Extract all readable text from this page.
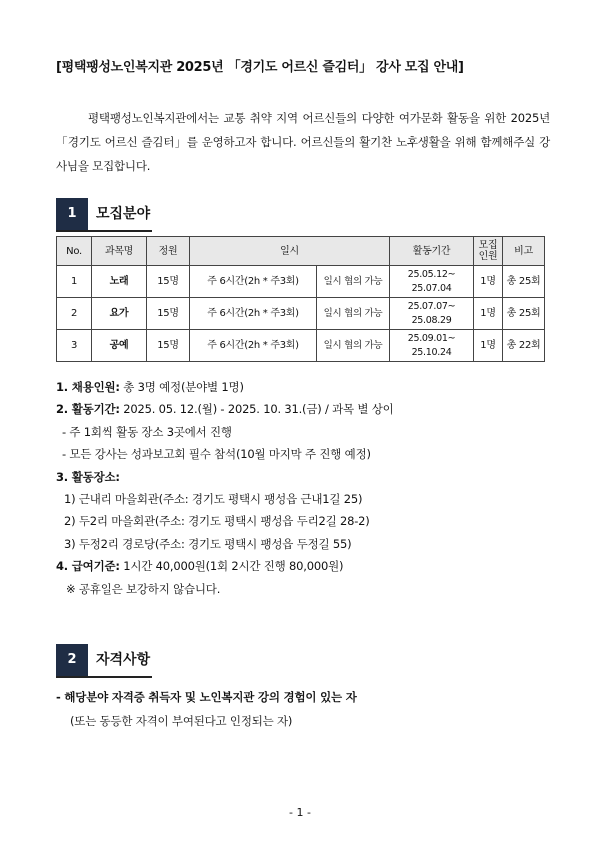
[평택팽성노인복지관 2025년 「경기도 어르신 즐김터」 강사 모집 안내]
평택팽성노인복지관에서는 교통 취약 지역 어르신들의 다양한 여가문화 활동을 위한 2025년「경기도 어르신 즐김터」를 운영하고자 합니다. 어르신들의 활기찬 노후생활을 위해 함께해주실 강사님을 모집합니다.
1	모집분야
No.	과목명	정원	일시		활동기간	모집인원	비고
1	노래	15명	주 6시간(2h * 주3회)	일시 협의 가능	25.05.12~ 25.07.04	1명	총 25회
2	요가	15명	주 6시간(2h * 주3회)	일시 협의 가능	25.07.07~ 25.08.29	1명	총 25회
3	공예	15명	주 6시간(2h * 주3회)	일시 협의 가능	25.09.01~ 25.10.24	1명	총 22회
1. 채용인원: 총 3명 예정(분야별 1명)
2. 활동기간: 2025. 05. 12.(월) - 2025. 10. 31.(금) / 과목 별 상이
- 주 1회씩 활동 장소 3곳에서 진행
- 모든 강사는 성과보고회 필수 참석(10월 마지막 주 진행 예정)
3. 활동장소:
1) 근내리 마을회관(주소: 경기도 평택시 팽성읍 근내1길 25)
2) 두2리 마을회관(주소: 경기도 평택시 팽성읍 두리2길 28-2)
3) 두정2리 경로당(주소: 경기도 평택시 팽성읍 두정길 55)
4. 급여기준: 1시간 40,000원(1회 2시간 진행 80,000원)
※ 공휴일은 보강하지 않습니다.
2	자격사항
- 해당분야 자격증 취득자 및 노인복지관 강의 경험이 있는 자
(또는 동등한 자격이 부여된다고 인정되는 자)
- 1 -
